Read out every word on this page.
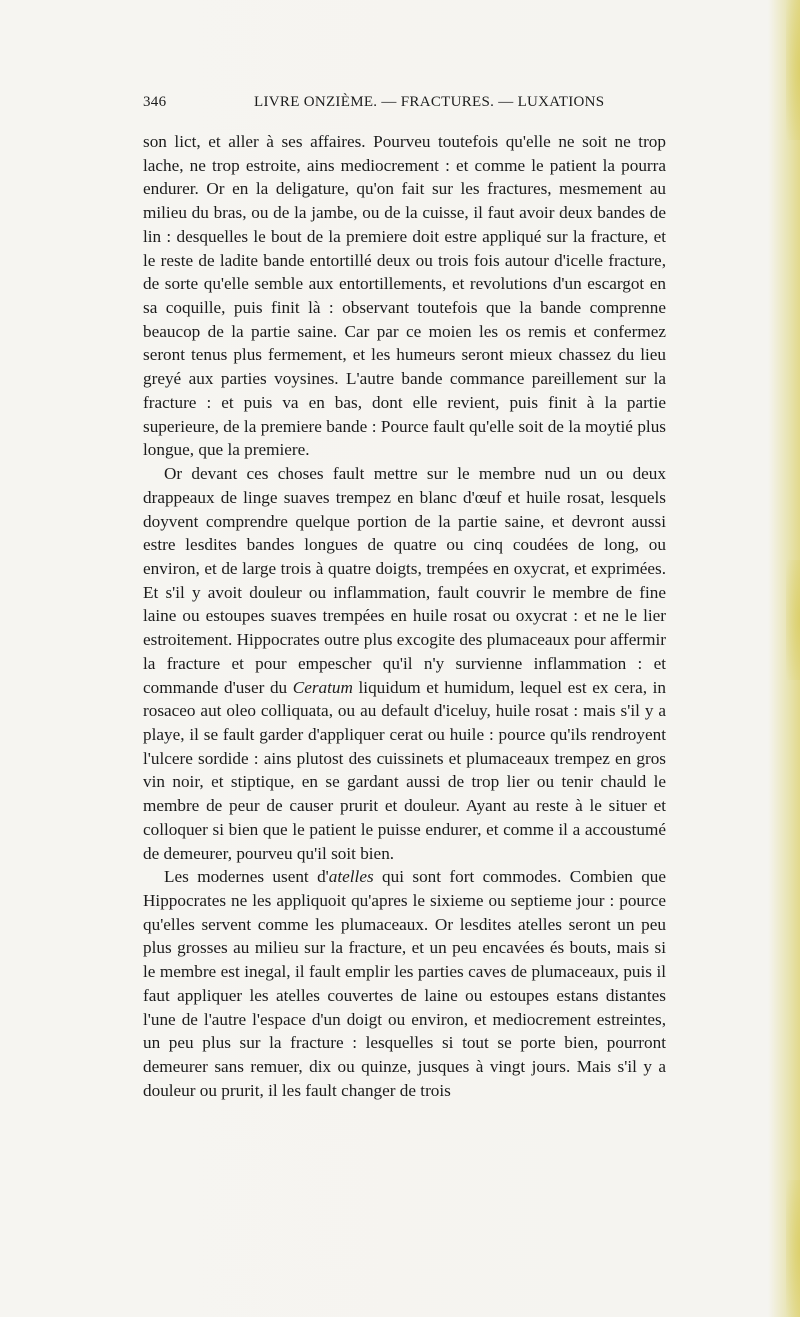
346	LIVRE ONZIÈME. — FRACTURES. — LUXATIONS

son lict, et aller à ses affaires. Pourveu toutefois qu'elle ne soit ne trop lache, ne trop estroite, ains mediocrement : et comme le patient la pourra endurer. Or en la deligature, qu'on fait sur les fractures, mesmement au milieu du bras, ou de la jambe, ou de la cuisse, il faut avoir deux bandes de lin : desquelles le bout de la premiere doit estre appliqué sur la fracture, et le reste de ladite bande entortillé deux ou trois fois autour d'icelle fracture, de sorte qu'elle semble aux entortillements, et revolutions d'un escargot en sa coquille, puis finit là : observant toutefois que la bande comprenne beaucop de la partie saine. Car par ce moien les os remis et confermez seront tenus plus fermement, et les humeurs seront mieux chassez du lieu greyé aux parties voysines. L'autre bande commance pareillement sur la fracture : et puis va en bas, dont elle revient, puis finit à la partie superieure, de la premiere bande : Pource fault qu'elle soit de la moytié plus longue, que la premiere.

Or devant ces choses fault mettre sur le membre nud un ou deux drappeaux de linge suaves trempez en blanc d'œuf et huile rosat, lesquels doyvent comprendre quelque portion de la partie saine, et devront aussi estre lesdites bandes longues de quatre ou cinq coudées de long, ou environ, et de large trois à quatre doigts, trempées en oxycrat, et exprimées. Et s'il y avoit douleur ou inflammation, fault couvrir le membre de fine laine ou estoupes suaves trempées en huile rosat ou oxycrat : et ne le lier estroitement. Hippocrates outre plus excogite des plumaceaux pour affermir la fracture et pour empescher qu'il n'y survienne inflammation : et commande d'user du Ceratum liquidum et humidum, lequel est ex cera, in rosaceo aut oleo colliquata, ou au default d'iceluy, huile rosat : mais s'il y a playe, il se fault garder d'appliquer cerat ou huile : pource qu'ils rendroyent l'ulcere sordide : ains plutost des cuissinets et plumaceaux trempez en gros vin noir, et stiptique, en se gardant aussi de trop lier ou tenir chauld le membre de peur de causer prurit et douleur. Ayant au reste à le situer et colloquer si bien que le patient le puisse endurer, et comme il a accoustumé de demeurer, pourveu qu'il soit bien.

Les modernes usent d'atelles qui sont fort commodes. Combien que Hippocrates ne les appliquoit qu'apres le sixieme ou septieme jour : pource qu'elles servent comme les plumaceaux. Or lesdites atelles seront un peu plus grosses au milieu sur la fracture, et un peu encavées és bouts, mais si le membre est inegal, il fault emplir les parties caves de plumaceaux, puis il faut appliquer les atelles couvertes de laine ou estoupes estans distantes l'une de l'autre l'espace d'un doigt ou environ, et mediocrement estreintes, un peu plus sur la fracture : lesquelles si tout se porte bien, pourront demeurer sans remuer, dix ou quinze, jusques à vingt jours. Mais s'il y a douleur ou prurit, il les fault changer de trois
